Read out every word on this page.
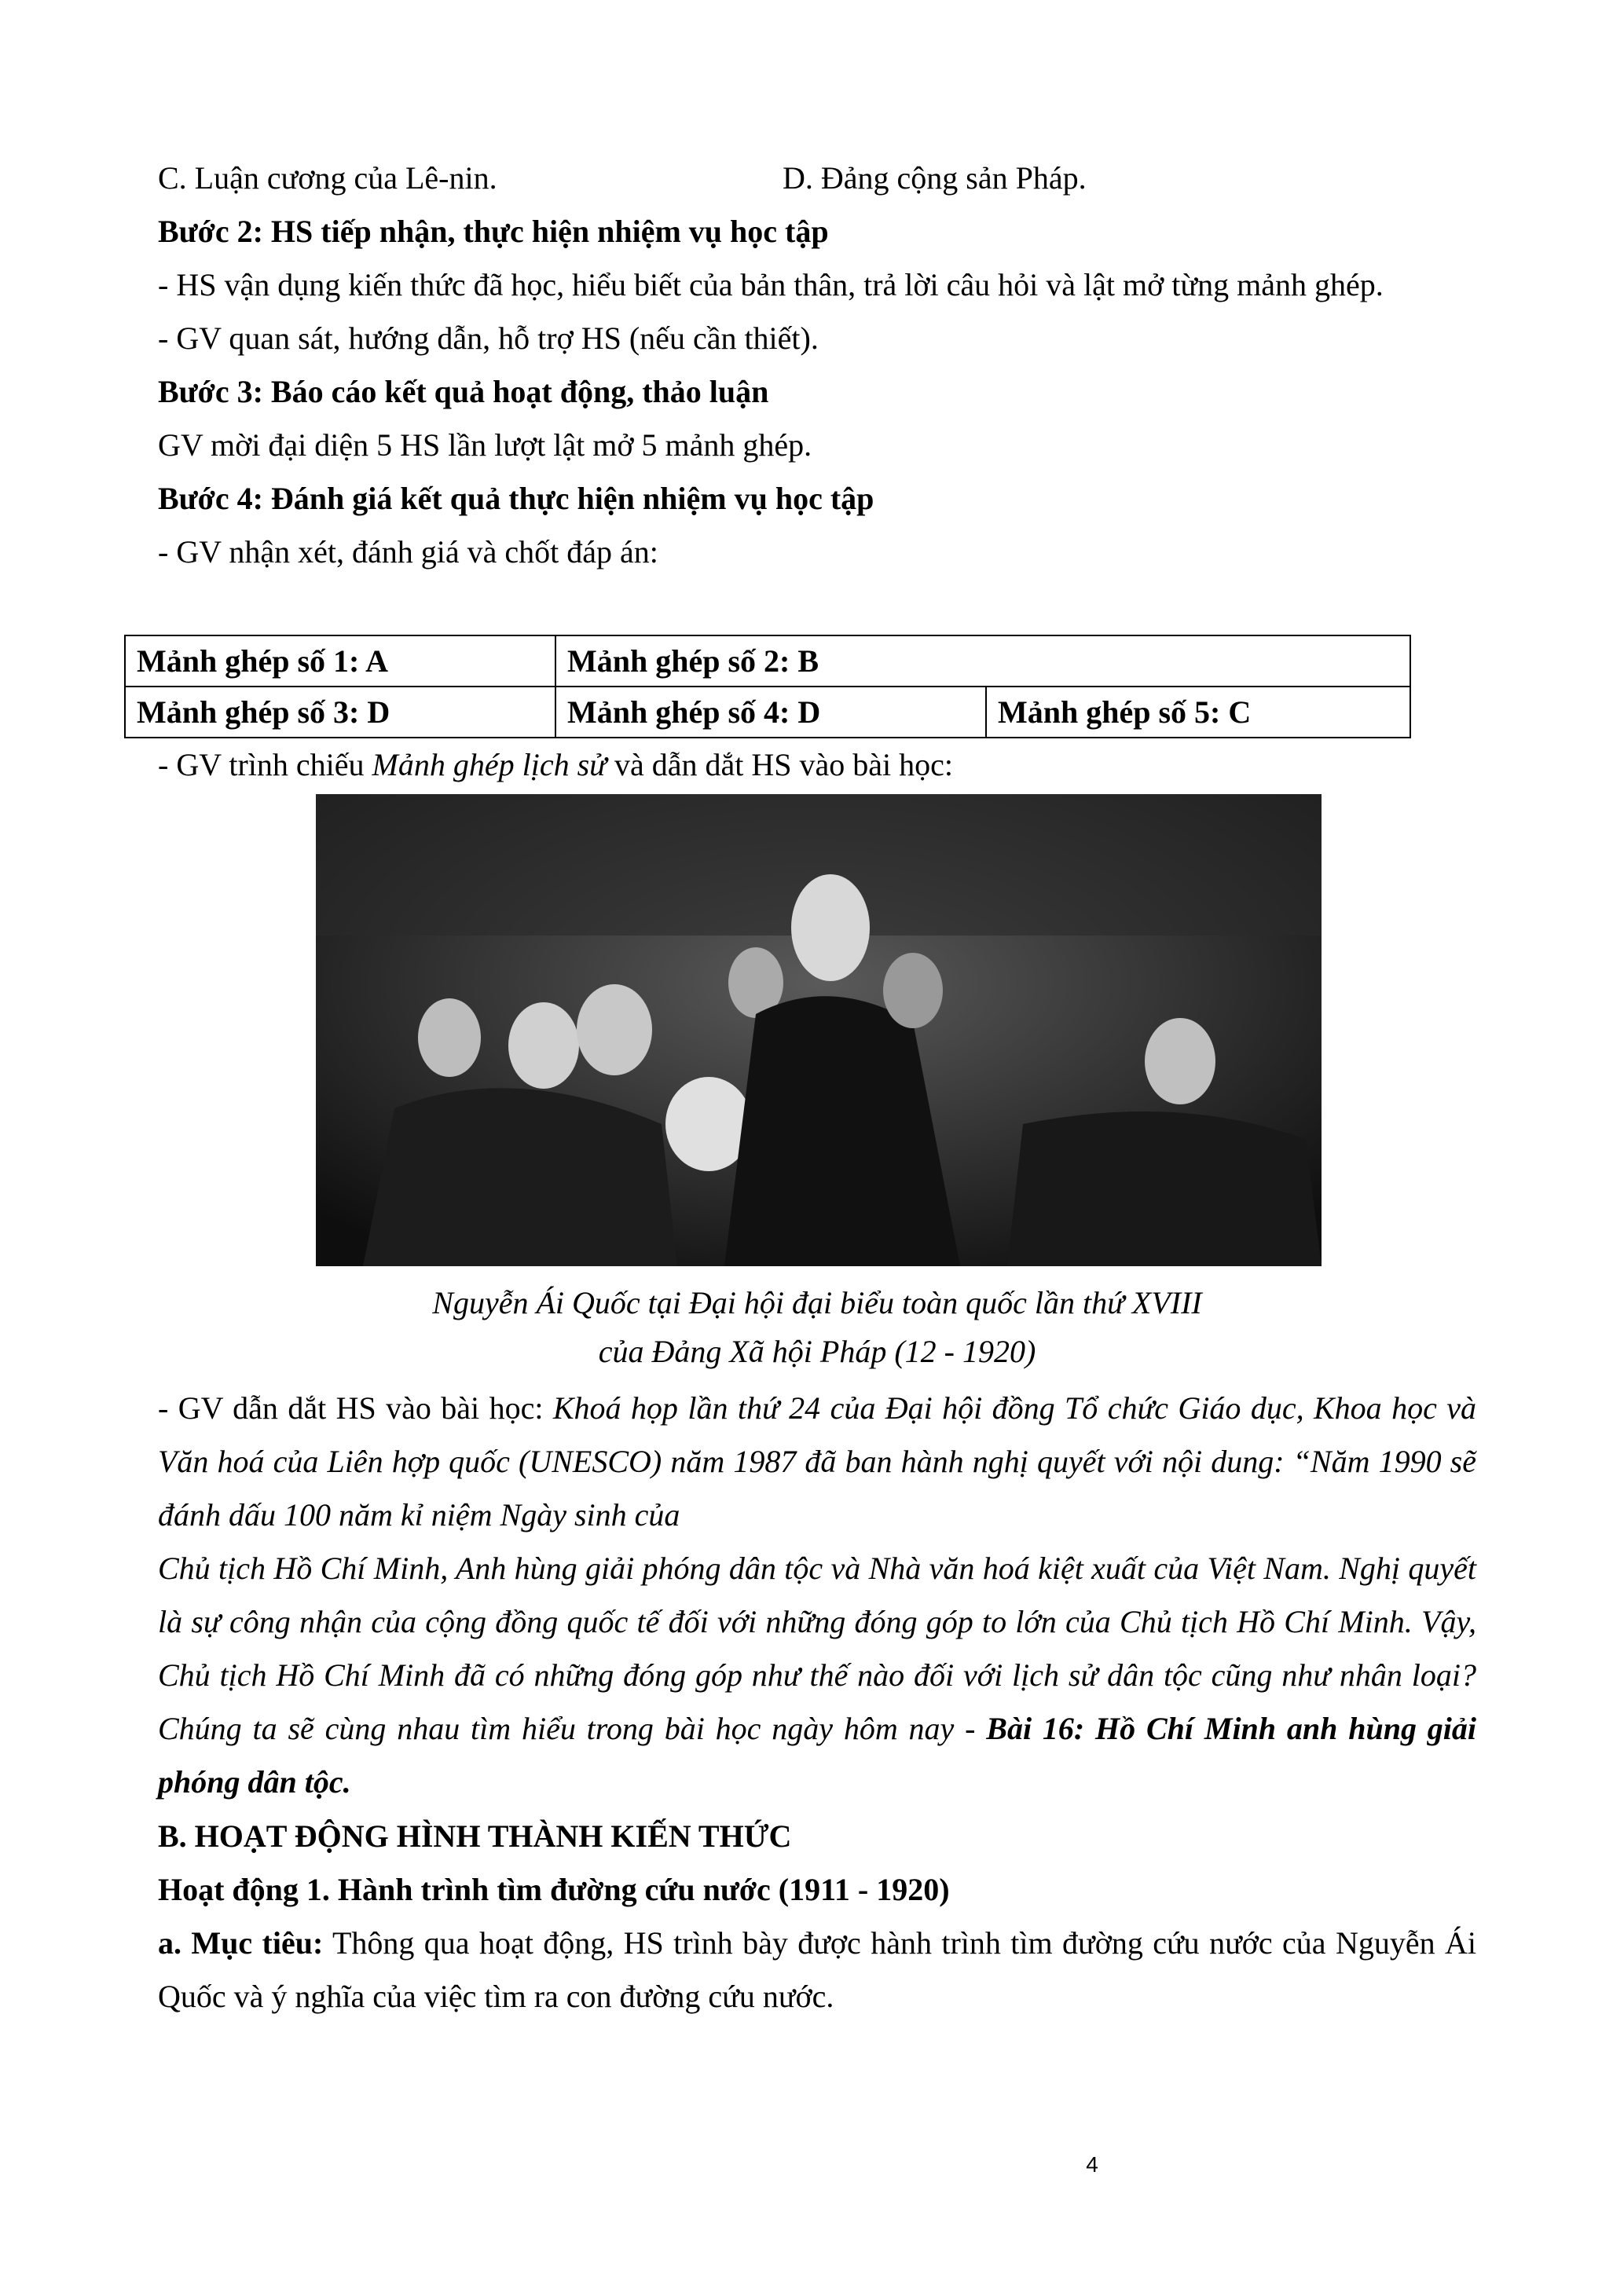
C. Luận cương của Lê-nin.	D. Đảng cộng sản Pháp.
Bước 2: HS tiếp nhận, thực hiện nhiệm vụ học tập
- HS vận dụng kiến thức đã học, hiểu biết của bản thân, trả lời câu hỏi và lật mở từng mảnh ghép.
- GV quan sát, hướng dẫn, hỗ trợ HS (nếu cần thiết).
Bước 3: Báo cáo kết quả hoạt động, thảo luận
GV mời đại diện 5 HS lần lượt lật mở 5 mảnh ghép.
Bước 4: Đánh giá kết quả thực hiện nhiệm vụ học tập
- GV nhận xét, đánh giá và chốt đáp án:
Mảnh ghép số 1: A	Mảnh ghép số 2: B	
Mảnh ghép số 3: D	Mảnh ghép số 4: D	Mảnh ghép số 5: C
- GV trình chiếu Mảnh ghép lịch sử và dẫn dắt HS vào bài học:
Nguyễn Ái Quốc tại Đại hội đại biểu toàn quốc lần thứ XVIII
của Đảng Xã hội Pháp (12 - 1920)
- GV dẫn dắt HS vào bài học: Khoá họp lần thứ 24 của Đại hội đồng Tổ chức Giáo dục, Khoa học và Văn hoá của Liên hợp quốc (UNESCO) năm 1987 đã ban hành nghị quyết với nội dung: “Năm 1990 sẽ đánh dấu 100 năm kỉ niệm Ngày sinh của
Chủ tịch Hồ Chí Minh, Anh hùng giải phóng dân tộc và Nhà văn hoá kiệt xuất của Việt Nam. Nghị quyết là sự công nhận của cộng đồng quốc tế đối với những đóng góp to lớn của Chủ tịch Hồ Chí Minh. Vậy, Chủ tịch Hồ Chí Minh đã có những đóng góp như thế nào đối với lịch sử dân tộc cũng như nhân loại? Chúng ta sẽ cùng nhau tìm hiểu trong bài học ngày hôm nay - Bài 16: Hồ Chí Minh anh hùng giải phóng dân tộc.
B. HOẠT ĐỘNG HÌNH THÀNH KIẾN THỨC
Hoạt động 1. Hành trình tìm đường cứu nước (1911 - 1920)
a. Mục tiêu: Thông qua hoạt động, HS trình bày được hành trình tìm đường cứu nước của Nguyễn Ái Quốc và ý nghĩa của việc tìm ra con đường cứu nước.
4
